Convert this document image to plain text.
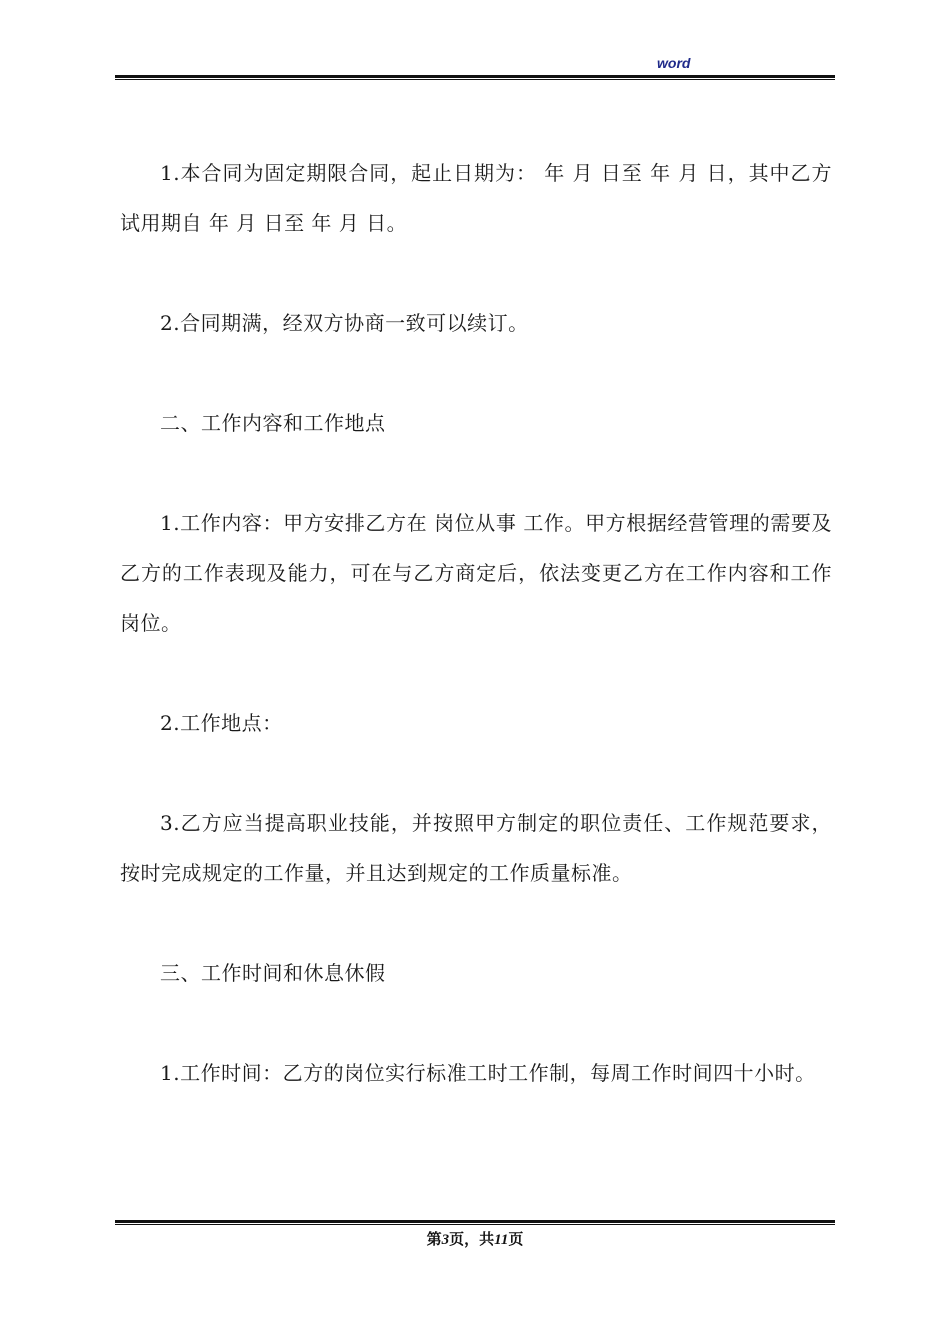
word

1.本合同为固定期限合同，起止日期为： 年 月 日至 年 月 日，其中乙方试用期自 年 月 日至 年 月 日。

2.合同期满，经双方协商一致可以续订。

二、工作内容和工作地点

1.工作内容：甲方安排乙方在 岗位从事 工作。甲方根据经营管理的需要及乙方的工作表现及能力，可在与乙方商定后，依法变更乙方在工作内容和工作岗位。

2.工作地点：

3.乙方应当提高职业技能，并按照甲方制定的职位责任、工作规范要求，按时完成规定的工作量，并且达到规定的工作质量标准。

三、工作时间和休息休假

1.工作时间：乙方的岗位实行标准工时工作制，每周工作时间四十小时。

第3页，共11页
